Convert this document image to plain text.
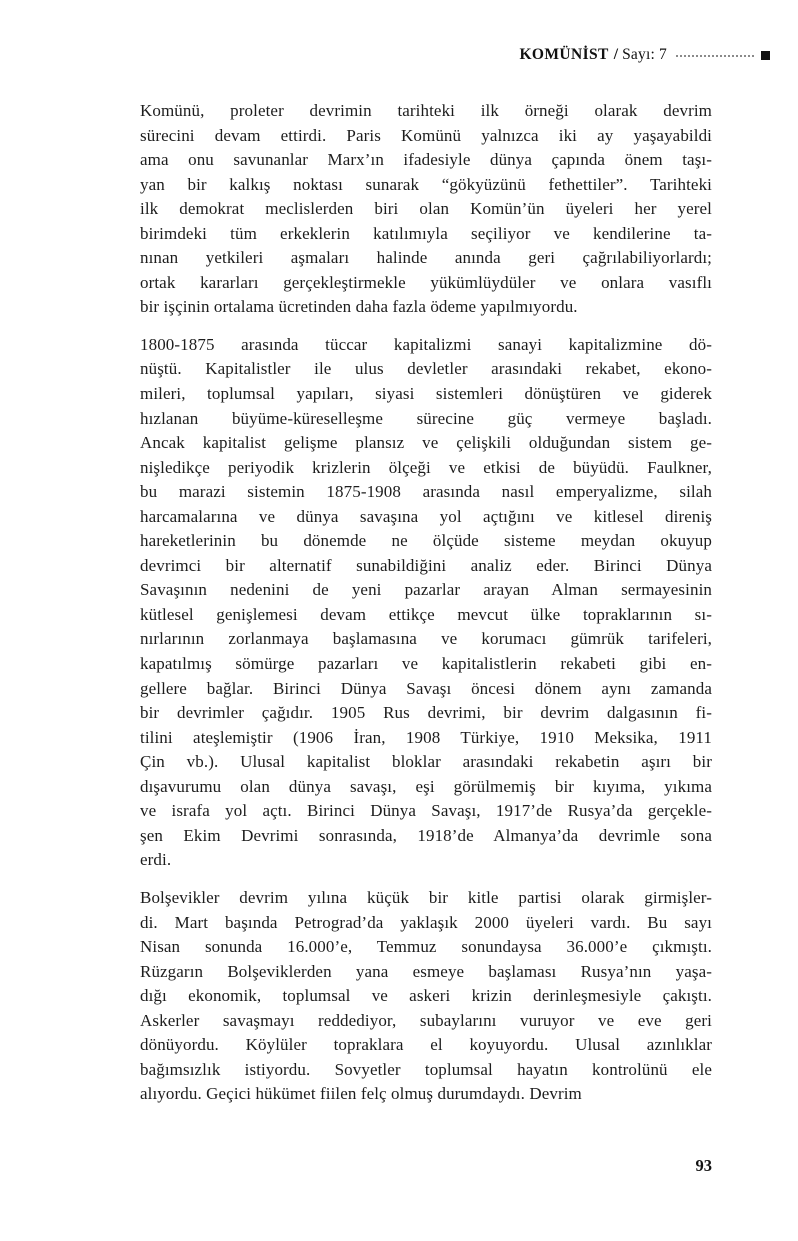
KOMÜNİST / Sayı: 7
Komünü, proleter devrimin tarihteki ilk örneği olarak devrim
sürecini devam ettirdi. Paris Komünü yalnızca iki ay yaşayabildi
ama onu savunanlar Marx’ın ifadesiyle dünya çapında önem taşı-
yan bir kalkış noktası sunarak “gökyüzünü fethettiler”. Tarihteki
ilk demokrat meclislerden biri olan Komün’ün üyeleri her yerel
birimdeki tüm erkeklerin katılımıyla seçiliyor ve kendilerine ta-
nınan yetkileri aşmaları halinde anında geri çağrılabiliyorlardı;
ortak kararları gerçekleştirmekle yükümlüydüler ve onlara vasıflı
bir işçinin ortalama ücretinden daha fazla ödeme yapılmıyordu.
1800-1875 arasında tüccar kapitalizmi sanayi kapitalizmine dö-
nüştü. Kapitalistler ile ulus devletler arasındaki rekabet, ekono-
mileri, toplumsal yapıları, siyasi sistemleri dönüştüren ve giderek
hızlanan büyüme-küreselleşme sürecine güç vermeye başladı.
Ancak kapitalist gelişme plansız ve çelişkili olduğundan sistem ge-
nişledikçe periyodik krizlerin ölçeği ve etkisi de büyüdü. Faulkner,
bu marazi sistemin 1875-1908 arasında nasıl emperyalizme, silah
harcamalarına ve dünya savaşına yol açtığını ve kitlesel direniş
hareketlerinin bu dönemde ne ölçüde sisteme meydan okuyup
devrimci bir alternatif sunabildiğini analiz eder. Birinci Dünya
Savaşının nedenini de yeni pazarlar arayan Alman sermayesinin
kütlesel genişlemesi devam ettikçe mevcut ülke topraklarının sı-
nırlarının zorlanmaya başlamasına ve korumacı gümrük tarifeleri,
kapatılmış sömürge pazarları ve kapitalistlerin rekabeti gibi en-
gellere bağlar. Birinci Dünya Savaşı öncesi dönem aynı zamanda
bir devrimler çağıdır. 1905 Rus devrimi, bir devrim dalgasının fi-
tilini ateşlemiştir (1906 İran, 1908 Türkiye, 1910 Meksika, 1911
Çin vb.). Ulusal kapitalist bloklar arasındaki rekabetin aşırı bir
dışavurumu olan dünya savaşı, eşi görülmemiş bir kıyıma, yıkıma
ve israfa yol açtı. Birinci Dünya Savaşı, 1917’de Rusya’da gerçekle-
şen Ekim Devrimi sonrasında, 1918’de Almanya’da devrimle sona
erdi.
Bolşevikler devrim yılına küçük bir kitle partisi olarak girmişler-
di. Mart başında Petrograd’da yaklaşık 2000 üyeleri vardı. Bu sayı
Nisan sonunda 16.000’e, Temmuz sonundaysa 36.000’e çıkmıştı.
Rüzgarın Bolşeviklerden yana esmeye başlaması Rusya’nın yaşa-
dığı ekonomik, toplumsal ve askeri krizin derinleşmesiyle çakıştı.
Askerler savaşmayı reddediyor, subaylarını vuruyor ve eve geri
dönüyordu. Köylüler topraklara el koyuyordu. Ulusal azınlıklar
bağımsızlık istiyordu. Sovyetler toplumsal hayatın kontrolünü ele
alıyordu. Geçici hükümet fiilen felç olmuş durumdaydı. Devrim
93
